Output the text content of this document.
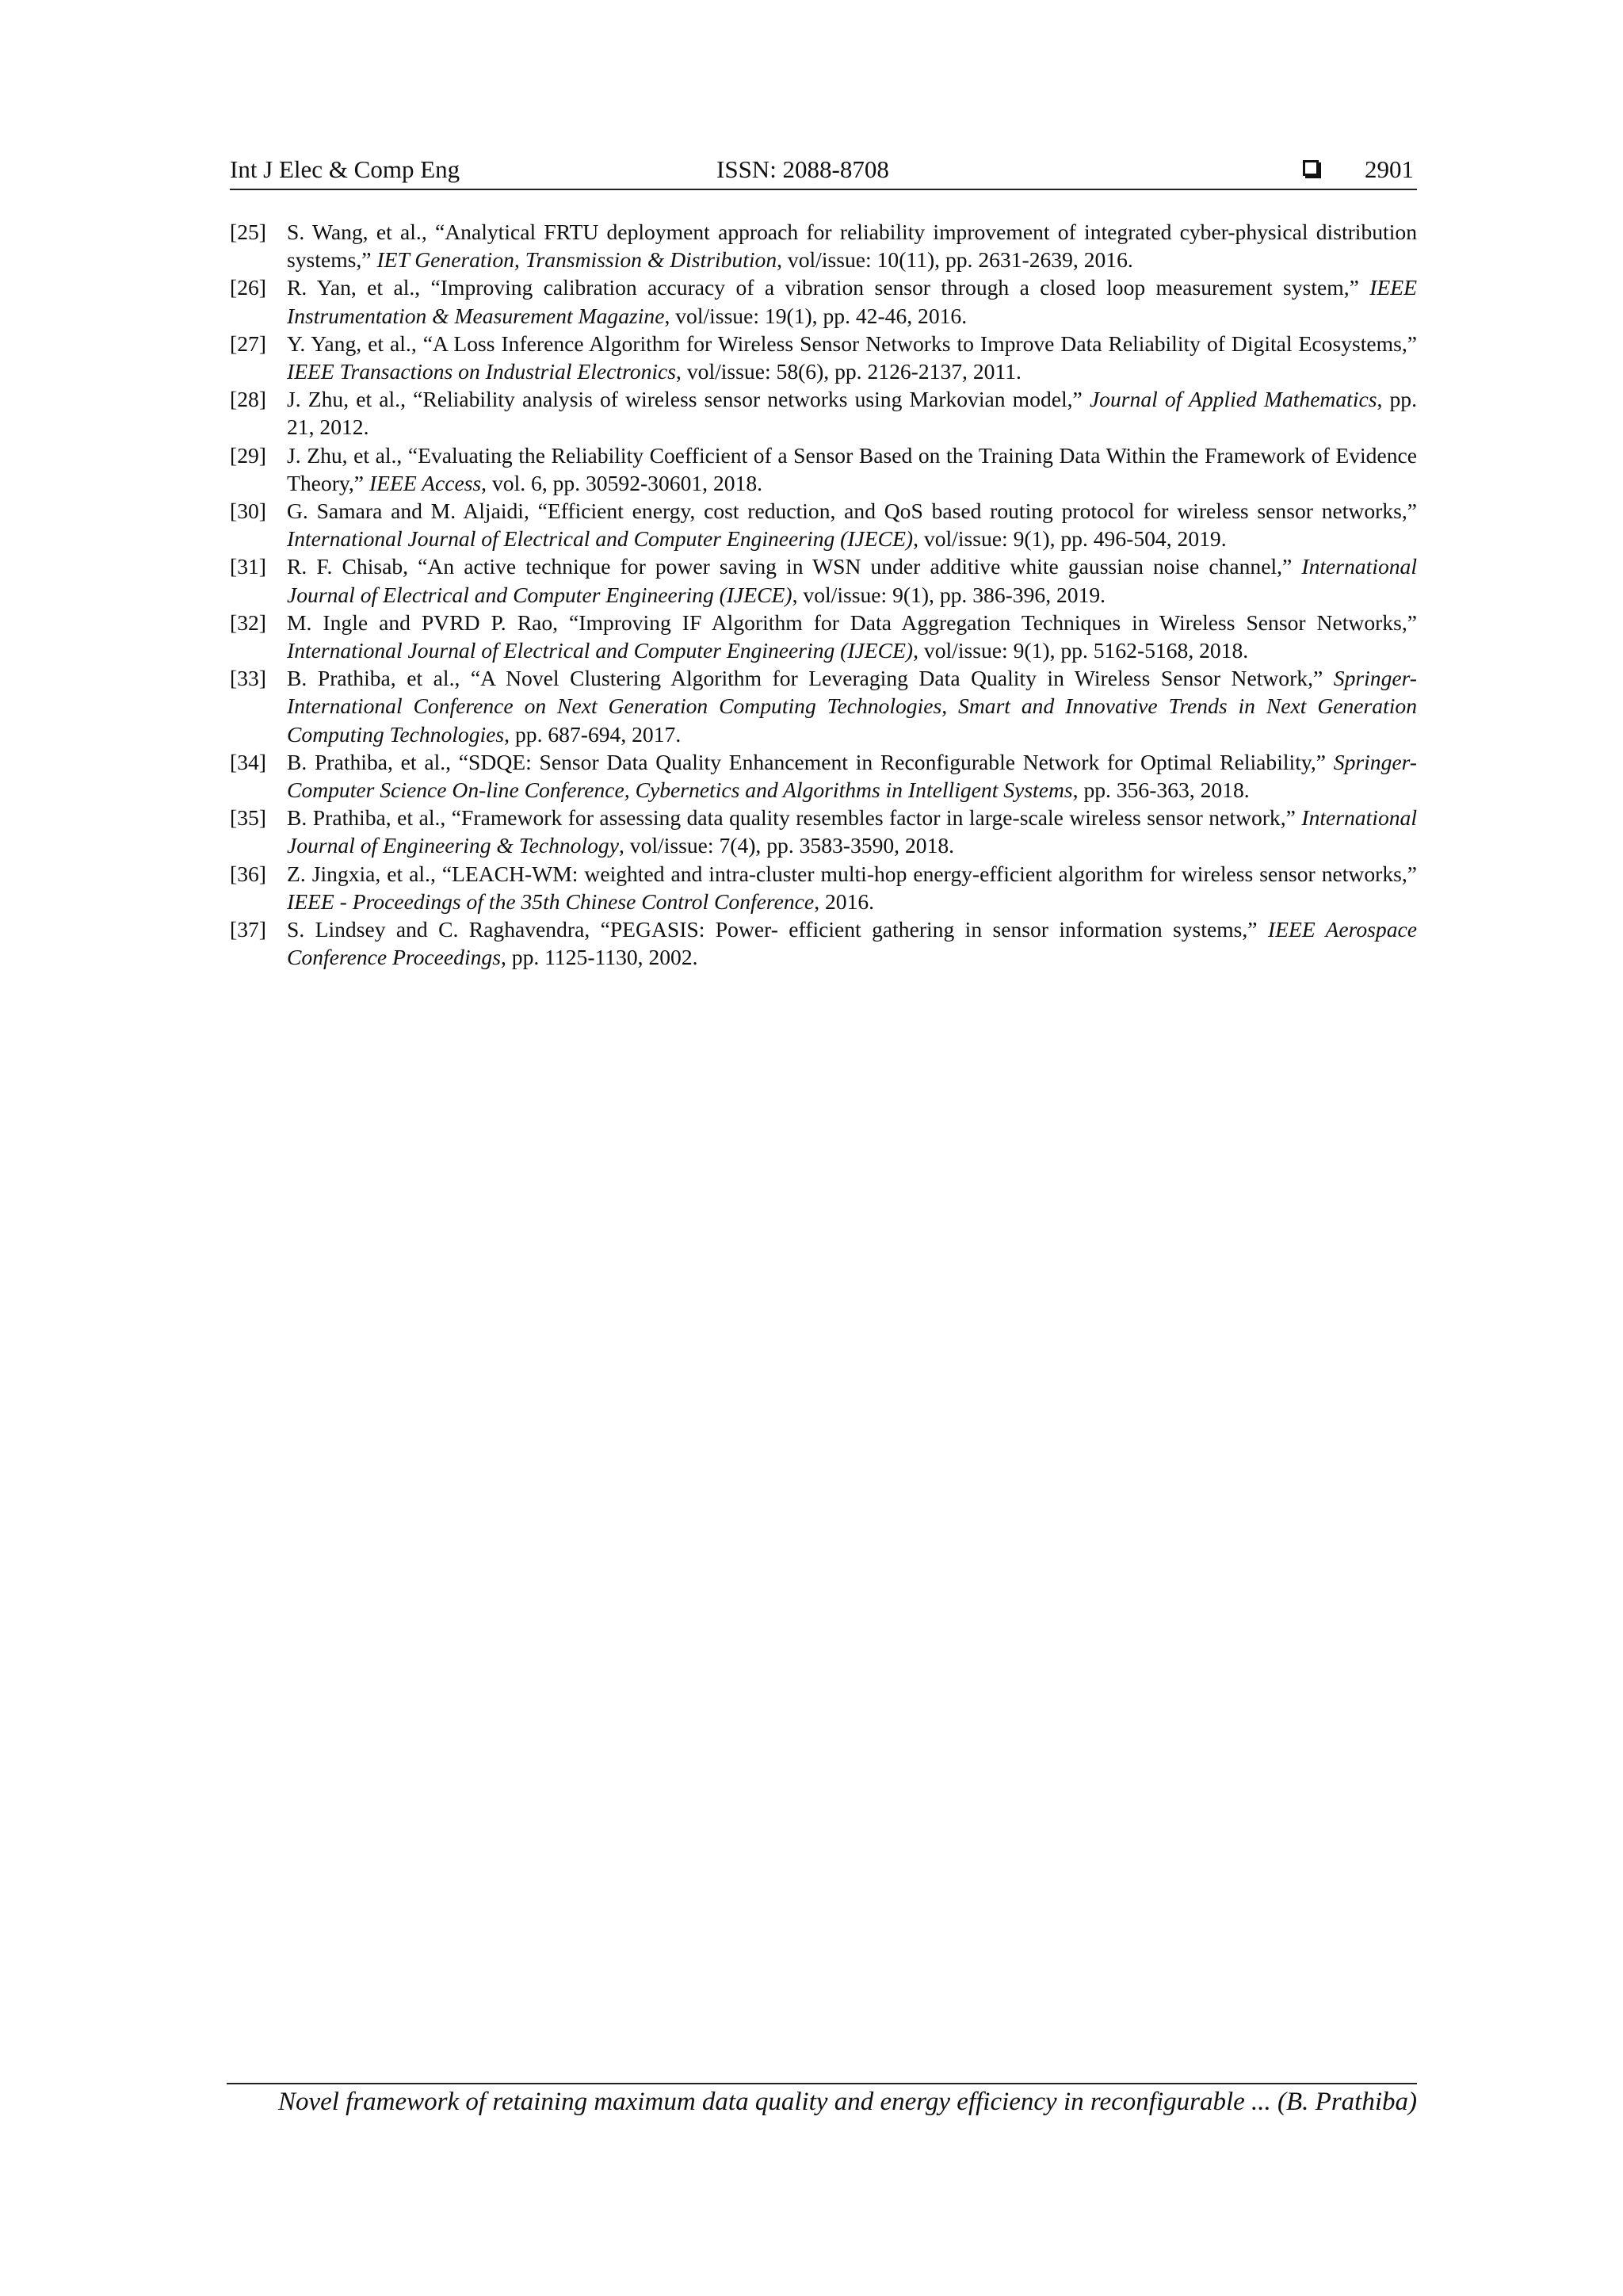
Int J Elec & Comp Eng	ISSN: 2088-8708	2901
[25] S. Wang, et al., “Analytical FRTU deployment approach for reliability improvement of integrated cyber-physical distribution systems,” IET Generation, Transmission & Distribution, vol/issue: 10(11), pp. 2631-2639, 2016.
[26] R. Yan, et al., “Improving calibration accuracy of a vibration sensor through a closed loop measurement system,” IEEE Instrumentation & Measurement Magazine, vol/issue: 19(1), pp. 42-46, 2016.
[27] Y. Yang, et al., “A Loss Inference Algorithm for Wireless Sensor Networks to Improve Data Reliability of Digital Ecosystems,” IEEE Transactions on Industrial Electronics, vol/issue: 58(6), pp. 2126-2137, 2011.
[28] J. Zhu, et al., “Reliability analysis of wireless sensor networks using Markovian model,” Journal of Applied Mathematics, pp. 21, 2012.
[29] J. Zhu, et al., “Evaluating the Reliability Coefficient of a Sensor Based on the Training Data Within the Framework of Evidence Theory,” IEEE Access, vol. 6, pp. 30592-30601, 2018.
[30] G. Samara and M. Aljaidi, “Efficient energy, cost reduction, and QoS based routing protocol for wireless sensor networks,” International Journal of Electrical and Computer Engineering (IJECE), vol/issue: 9(1), pp. 496-504, 2019.
[31] R. F. Chisab, “An active technique for power saving in WSN under additive white gaussian noise channel,” International Journal of Electrical and Computer Engineering (IJECE), vol/issue: 9(1), pp. 386-396, 2019.
[32] M. Ingle and PVRD P. Rao, “Improving IF Algorithm for Data Aggregation Techniques in Wireless Sensor Networks,” International Journal of Electrical and Computer Engineering (IJECE), vol/issue: 9(1), pp. 5162-5168, 2018.
[33] B. Prathiba, et al., “A Novel Clustering Algorithm for Leveraging Data Quality in Wireless Sensor Network,” Springer-International Conference on Next Generation Computing Technologies, Smart and Innovative Trends in Next Generation Computing Technologies, pp. 687-694, 2017.
[34] B. Prathiba, et al., “SDQE: Sensor Data Quality Enhancement in Reconfigurable Network for Optimal Reliability,” Springer-Computer Science On-line Conference, Cybernetics and Algorithms in Intelligent Systems, pp. 356-363, 2018.
[35] B. Prathiba, et al., “Framework for assessing data quality resembles factor in large-scale wireless sensor network,” International Journal of Engineering & Technology, vol/issue: 7(4), pp. 3583-3590, 2018.
[36] Z. Jingxia, et al., “LEACH-WM: weighted and intra-cluster multi-hop energy-efficient algorithm for wireless sensor networks,” IEEE - Proceedings of the 35th Chinese Control Conference, 2016.
[37] S. Lindsey and C. Raghavendra, “PEGASIS: Power- efficient gathering in sensor information systems,” IEEE Aerospace Conference Proceedings, pp. 1125-1130, 2002.
Novel framework of retaining maximum data quality and energy efficiency in reconfigurable ... (B. Prathiba)
